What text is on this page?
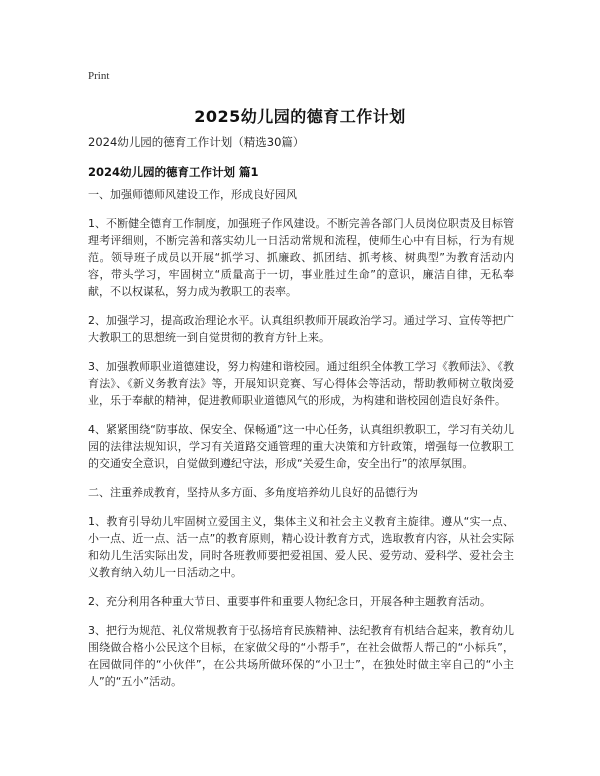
Print
2025幼儿园的德育工作计划
2024幼儿园的德育工作计划（精选30篇）
2024幼儿园的德育工作计划 篇1

一、加强师德师风建设工作，形成良好园风

1、不断健全德育工作制度，加强班子作风建设。不断完善各部门人员岗位职责及目标管理考评细则，不断完善和落实幼儿一日活动常规和流程，使师生心中有目标，行为有规范。领导班子成员以开展“抓学习、抓廉政、抓团结、抓考核、树典型”为教育活动内容，带头学习，牢固树立“质量高于一切，事业胜过生命”的意识，廉洁自律，无私奉献，不以权谋私，努力成为教职工的表率。

2、加强学习，提高政治理论水平。认真组织教师开展政治学习。通过学习、宣传等把广大教职工的思想统一到自觉贯彻的教育方针上来。

3、加强教师职业道德建设，努力构建和谐校园。通过组织全体教工学习《教师法》、《教育法》、《新义务教育法》等，开展知识竞赛、写心得体会等活动，帮助教师树立敬岗爱业，乐于奉献的精神，促进教师职业道德风气的形成，为构建和谐校园创造良好条件。

4、紧紧围绕“防事故、保安全、保畅通”这一中心任务，认真组织教职工，学习有关幼儿园的法律法规知识，学习有关道路交通管理的重大决策和方针政策，增强每一位教职工的交通安全意识，自觉做到遵纪守法，形成“关爱生命，安全出行”的浓厚氛围。

二、注重养成教育，坚持从多方面、多角度培养幼儿良好的品德行为

1、教育引导幼儿牢固树立爱国主义，集体主义和社会主义教育主旋律。遵从“实一点、小一点、近一点、活一点”的教育原则，精心设计教育方式，选取教育内容，从社会实际和幼儿生活实际出发，同时各班教师要把爱祖国、爱人民、爱劳动、爱科学、爱社会主义教育纳入幼儿一日活动之中。

2、充分利用各种重大节日、重要事件和重要人物纪念日，开展各种主题教育活动。

3、把行为规范、礼仪常规教育于弘扬培育民族精神、法纪教育有机结合起来，教育幼儿围绕做合格小公民这个目标，在家做父母的“小帮手”，在社会做帮人帮己的“小标兵”，在园做同伴的“小伙伴”，在公共场所做环保的“小卫士”，在独处时做主宰自己的“小主人”的“五小”活动。
